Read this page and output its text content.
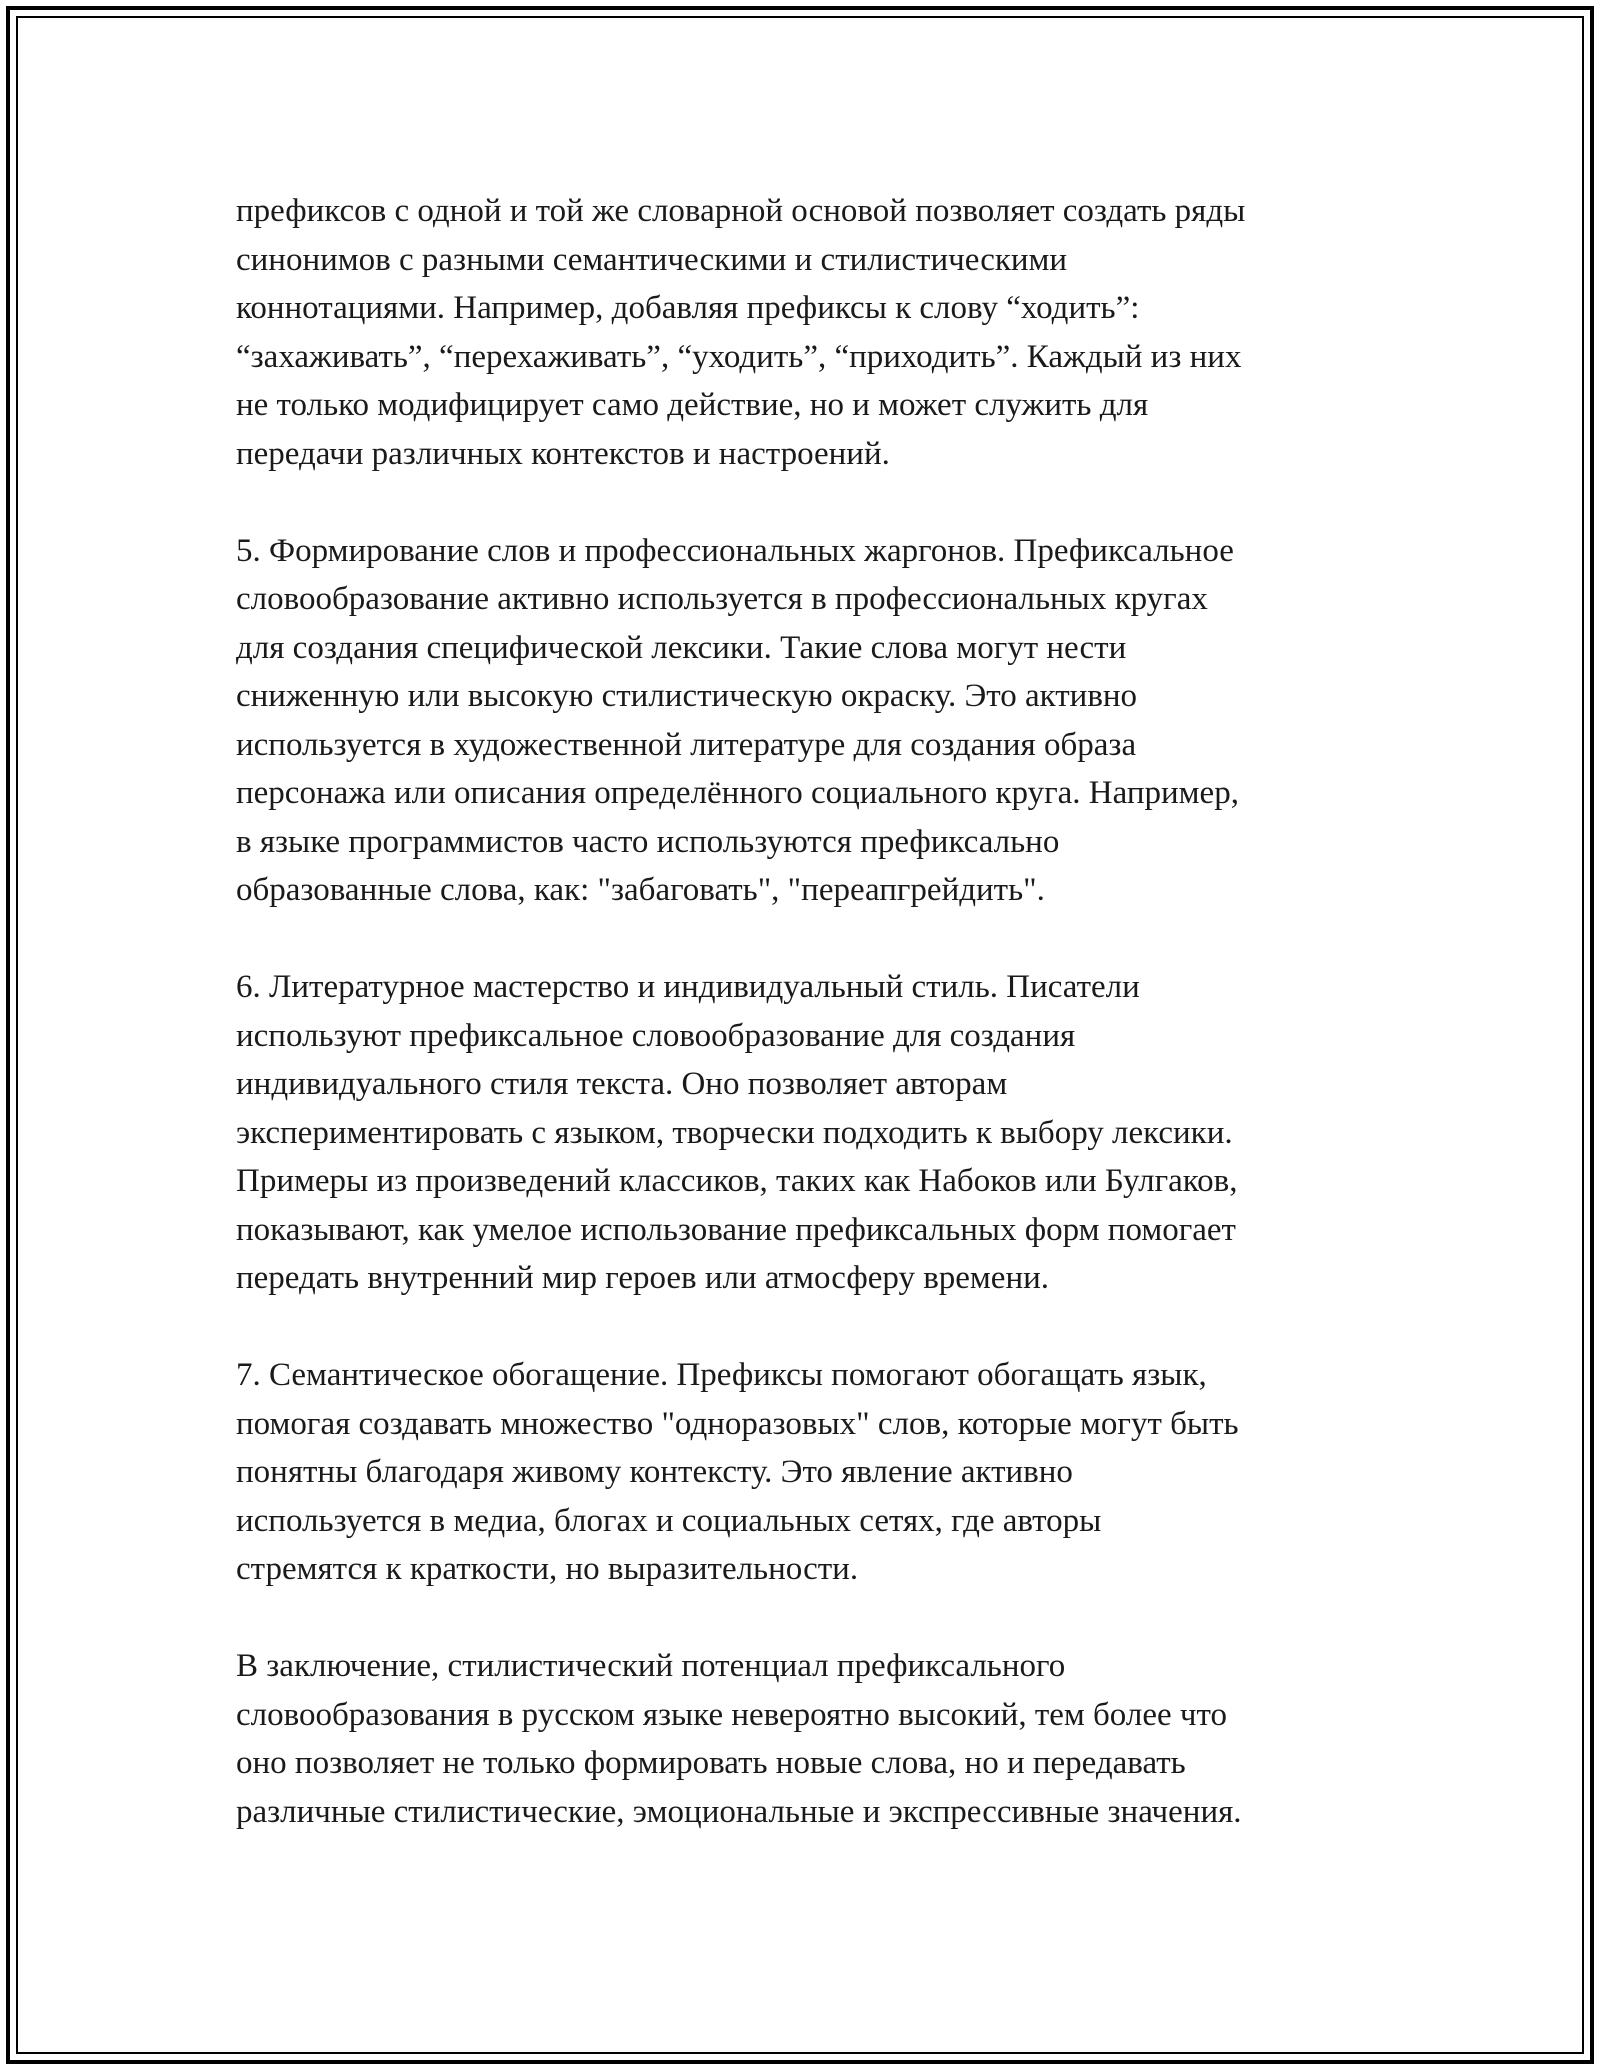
префиксов с одной и той же словарной основой позволяет создать ряды
синонимов с разными семантическими и стилистическими
коннотациями. Например, добавляя префиксы к слову “ходить”:
“захаживать”, “перехаживать”, “уходить”, “приходить”. Каждый из них
не только модифицирует само действие, но и может служить для
передачи различных контекстов и настроений.
5. Формирование слов и профессиональных жаргонов. Префиксальное
словообразование активно используется в профессиональных кругах
для создания специфической лексики. Такие слова могут нести
сниженную или высокую стилистическую окраску. Это активно
используется в художественной литературе для создания образа
персонажа или описания определённого социального круга. Например,
в языке программистов часто используются префиксально
образованные слова, как: "забаговать", "переапгрейдить".
6. Литературное мастерство и индивидуальный стиль. Писатели
используют префиксальное словообразование для создания
индивидуального стиля текста. Оно позволяет авторам
экспериментировать с языком, творчески подходить к выбору лексики.
Примеры из произведений классиков, таких как Набоков или Булгаков,
показывают, как умелое использование префиксальных форм помогает
передать внутренний мир героев или атмосферу времени.
7. Семантическое обогащение. Префиксы помогают обогащать язык,
помогая создавать множество "одноразовых" слов, которые могут быть
понятны благодаря живому контексту. Это явление активно
используется в медиа, блогах и социальных сетях, где авторы
стремятся к краткости, но выразительности.
В заключение, стилистический потенциал префиксального
словообразования в русском языке невероятно высокий, тем более что
оно позволяет не только формировать новые слова, но и передавать
различные стилистические, эмоциональные и экспрессивные значения.
